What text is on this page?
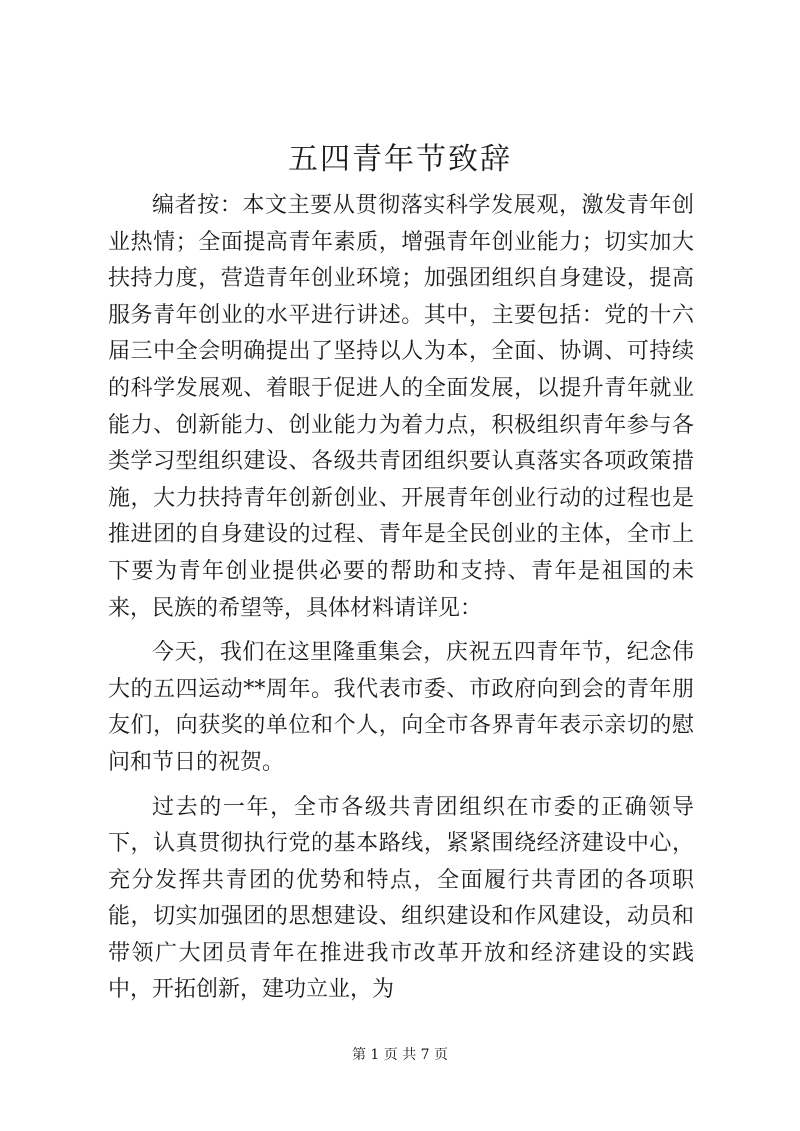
五四青年节致辞

编者按：本文主要从贯彻落实科学发展观，激发青年创业热情；全面提高青年素质，增强青年创业能力；切实加大扶持力度，营造青年创业环境；加强团组织自身建设，提高服务青年创业的水平进行讲述。其中，主要包括：党的十六届三中全会明确提出了坚持以人为本，全面、协调、可持续的科学发展观、着眼于促进人的全面发展，以提升青年就业能力、创新能力、创业能力为着力点，积极组织青年参与各类学习型组织建设、各级共青团组织要认真落实各项政策措施，大力扶持青年创新创业、开展青年创业行动的过程也是推进团的自身建设的过程、青年是全民创业的主体，全市上下要为青年创业提供必要的帮助和支持、青年是祖国的未来，民族的希望等，具体材料请详见：

今天，我们在这里隆重集会，庆祝五四青年节，纪念伟大的五四运动**周年。我代表市委、市政府向到会的青年朋友们，向获奖的单位和个人，向全市各界青年表示亲切的慰问和节日的祝贺。

过去的一年，全市各级共青团组织在市委的正确领导下，认真贯彻执行党的基本路线，紧紧围绕经济建设中心，充分发挥共青团的优势和特点，全面履行共青团的各项职能，切实加强团的思想建设、组织建设和作风建设，动员和带领广大团员青年在推进我市改革开放和经济建设的实践中，开拓创新，建功立业，为

第 1 页 共 7 页
